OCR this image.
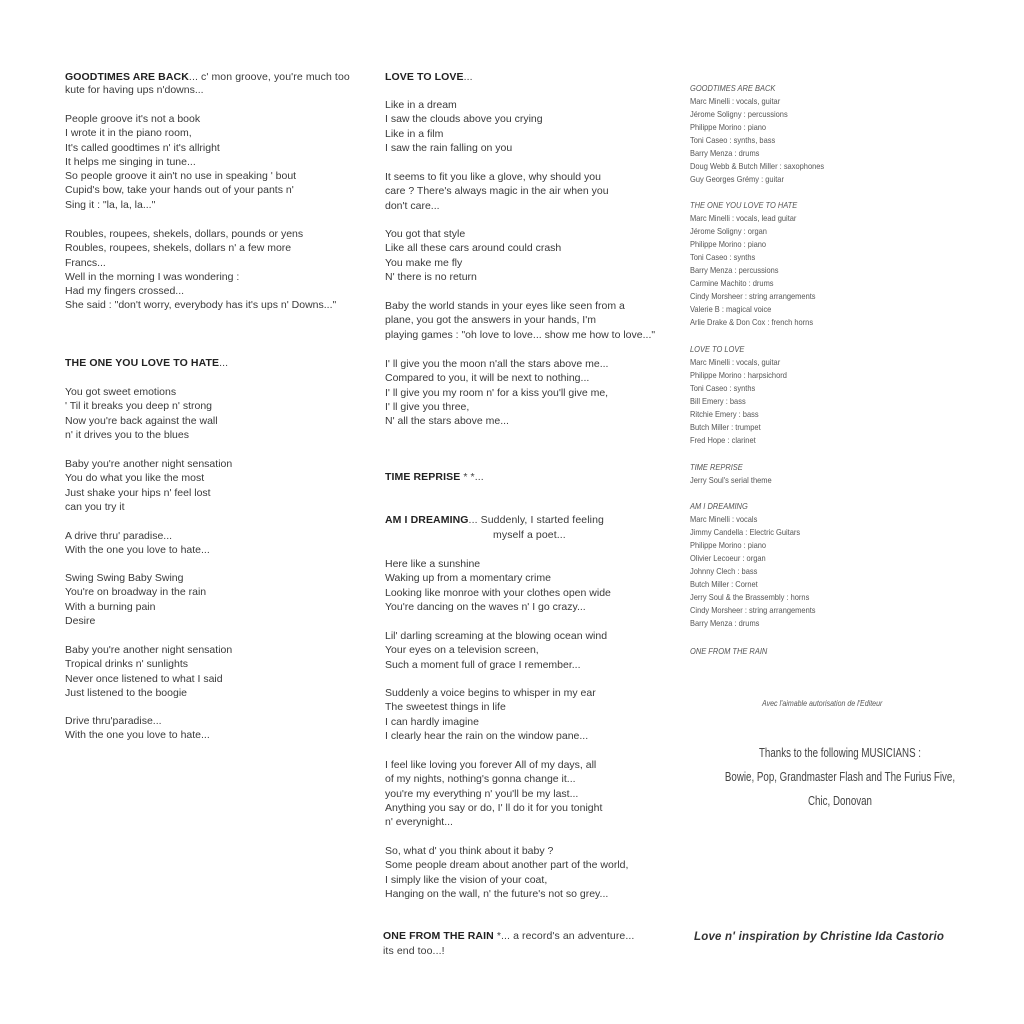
GOODTIMES ARE BACK... c' mon groove, you're much too
kute for having ups n'downs...
People groove it's not a book
I wrote it in the piano room,
It's called goodtimes n' it's allright
It helps me singing in tune...
So people groove it ain't no use in speaking ' bout
Cupid's bow, take your hands out of your pants n'
Sing it : "la, la, la..."
Roubles, roupees, shekels, dollars, pounds or yens
Roubles, roupees, shekels, dollars n' a few more
Francs...
Well in the morning I was wondering :
Had my fingers crossed...
She said : "don't worry, everybody has it's ups n' Downs..."
THE ONE YOU LOVE TO HATE...
You got sweet emotions
' Til it breaks you deep n' strong
Now you're back against the wall
n' it drives you to the blues
Baby you're another night sensation
You do what you like the most
Just shake your hips n' feel lost
can you try it
A drive thru' paradise...
With the one you love to hate...
Swing Swing Baby Swing
You're on broadway in the rain
With a burning pain
Desire
Baby you're another night sensation
Tropical drinks n' sunlights
Never once listened to what I said
Just listened to the boogie
Drive thru'paradise...
With the one you love to hate...
LOVE TO LOVE...
Like in a dream
I saw the clouds above you crying
Like in a film
I saw the rain falling on you
It seems to fit you like a glove, why should you
care ? There's always magic in the air when you
don't care...
You got that style
Like all these cars around could crash
You make me fly
N' there is no return
Baby the world stands in your eyes like seen from a
plane, you got the answers in your hands, I'm
playing games : "oh love to love... show me how to love..."
I' ll give you the moon n'all the stars above me...
Compared to you, it will be next to nothing...
I' ll give you my room n' for a kiss you'll give me,
I' ll give you three,
N' all the stars above me...
TIME REPRISE * *...
AM I DREAMING... Suddenly, I started feeling
myself a poet...
Here like a sunshine
Waking up from a momentary crime
Looking like monroe with your clothes open wide
You're dancing on the waves n' I go crazy...
Lil' darling screaming at the blowing ocean wind
Your eyes on a television screen,
Such a moment full of grace I remember...
Suddenly a voice begins to whisper in my ear
The sweetest things in life
I can hardly imagine
I clearly hear the rain on the window pane...
I feel like loving you forever All of my days, all
of my nights, nothing's gonna change it...
you're my everything n' you'll be my last...
Anything you say or do, I' ll do it for you tonight
n' everynight...
So, what d' you think about it baby ?
Some people dream about another part of the world,
I simply like the vision of your coat,
Hanging on the wall, n' the future's not so grey...
ONE FROM THE RAIN *... a record's an adventure...
its end too...!
GOODTIMES ARE BACK
Marc Minelli : vocals, guitar
Jérome Soligny : percussions
Philippe Morino : piano
Toni Caseo : synths, bass
Barry Menza : drums
Doug Webb & Butch Miller : saxophones
Guy Georges Grémy : guitar
THE ONE YOU LOVE TO HATE
Marc Minelli : vocals, lead guitar
Jérome Soligny : organ
Philippe Morino : piano
Toni Caseo : synths
Barry Menza : percussions
Carmine Machito : drums
Cindy Morsheer : string arrangements
Valerie B : magical voice
Arlie Drake & Don Cox : french horns
LOVE TO LOVE
Marc Minelli : vocals, guitar
Philippe Morino : harpsichord
Toni Caseo : synths
Bill Emery : bass
Ritchie Emery : bass
Butch Miller : trumpet
Fred Hope : clarinet
TIME REPRISE
Jerry Soul's serial theme
AM I DREAMING
Marc Minelli : vocals
Jimmy Candella : Electric Guitars
Philippe Morino : piano
Olivier Lecoeur : organ
Johnny Clech : bass
Butch Miller : Cornet
Jerry Soul & the Brassembly : horns
Cindy Morsheer : string arrangements
Barry Menza : drums
ONE FROM THE RAIN
Avec l'aimable autorisation de l'Editeur
Thanks to the following MUSICIANS :
Bowie, Pop, Grandmaster Flash and The Furius Five,
Chic, Donovan
Love n' inspiration by Christine Ida Castorio
